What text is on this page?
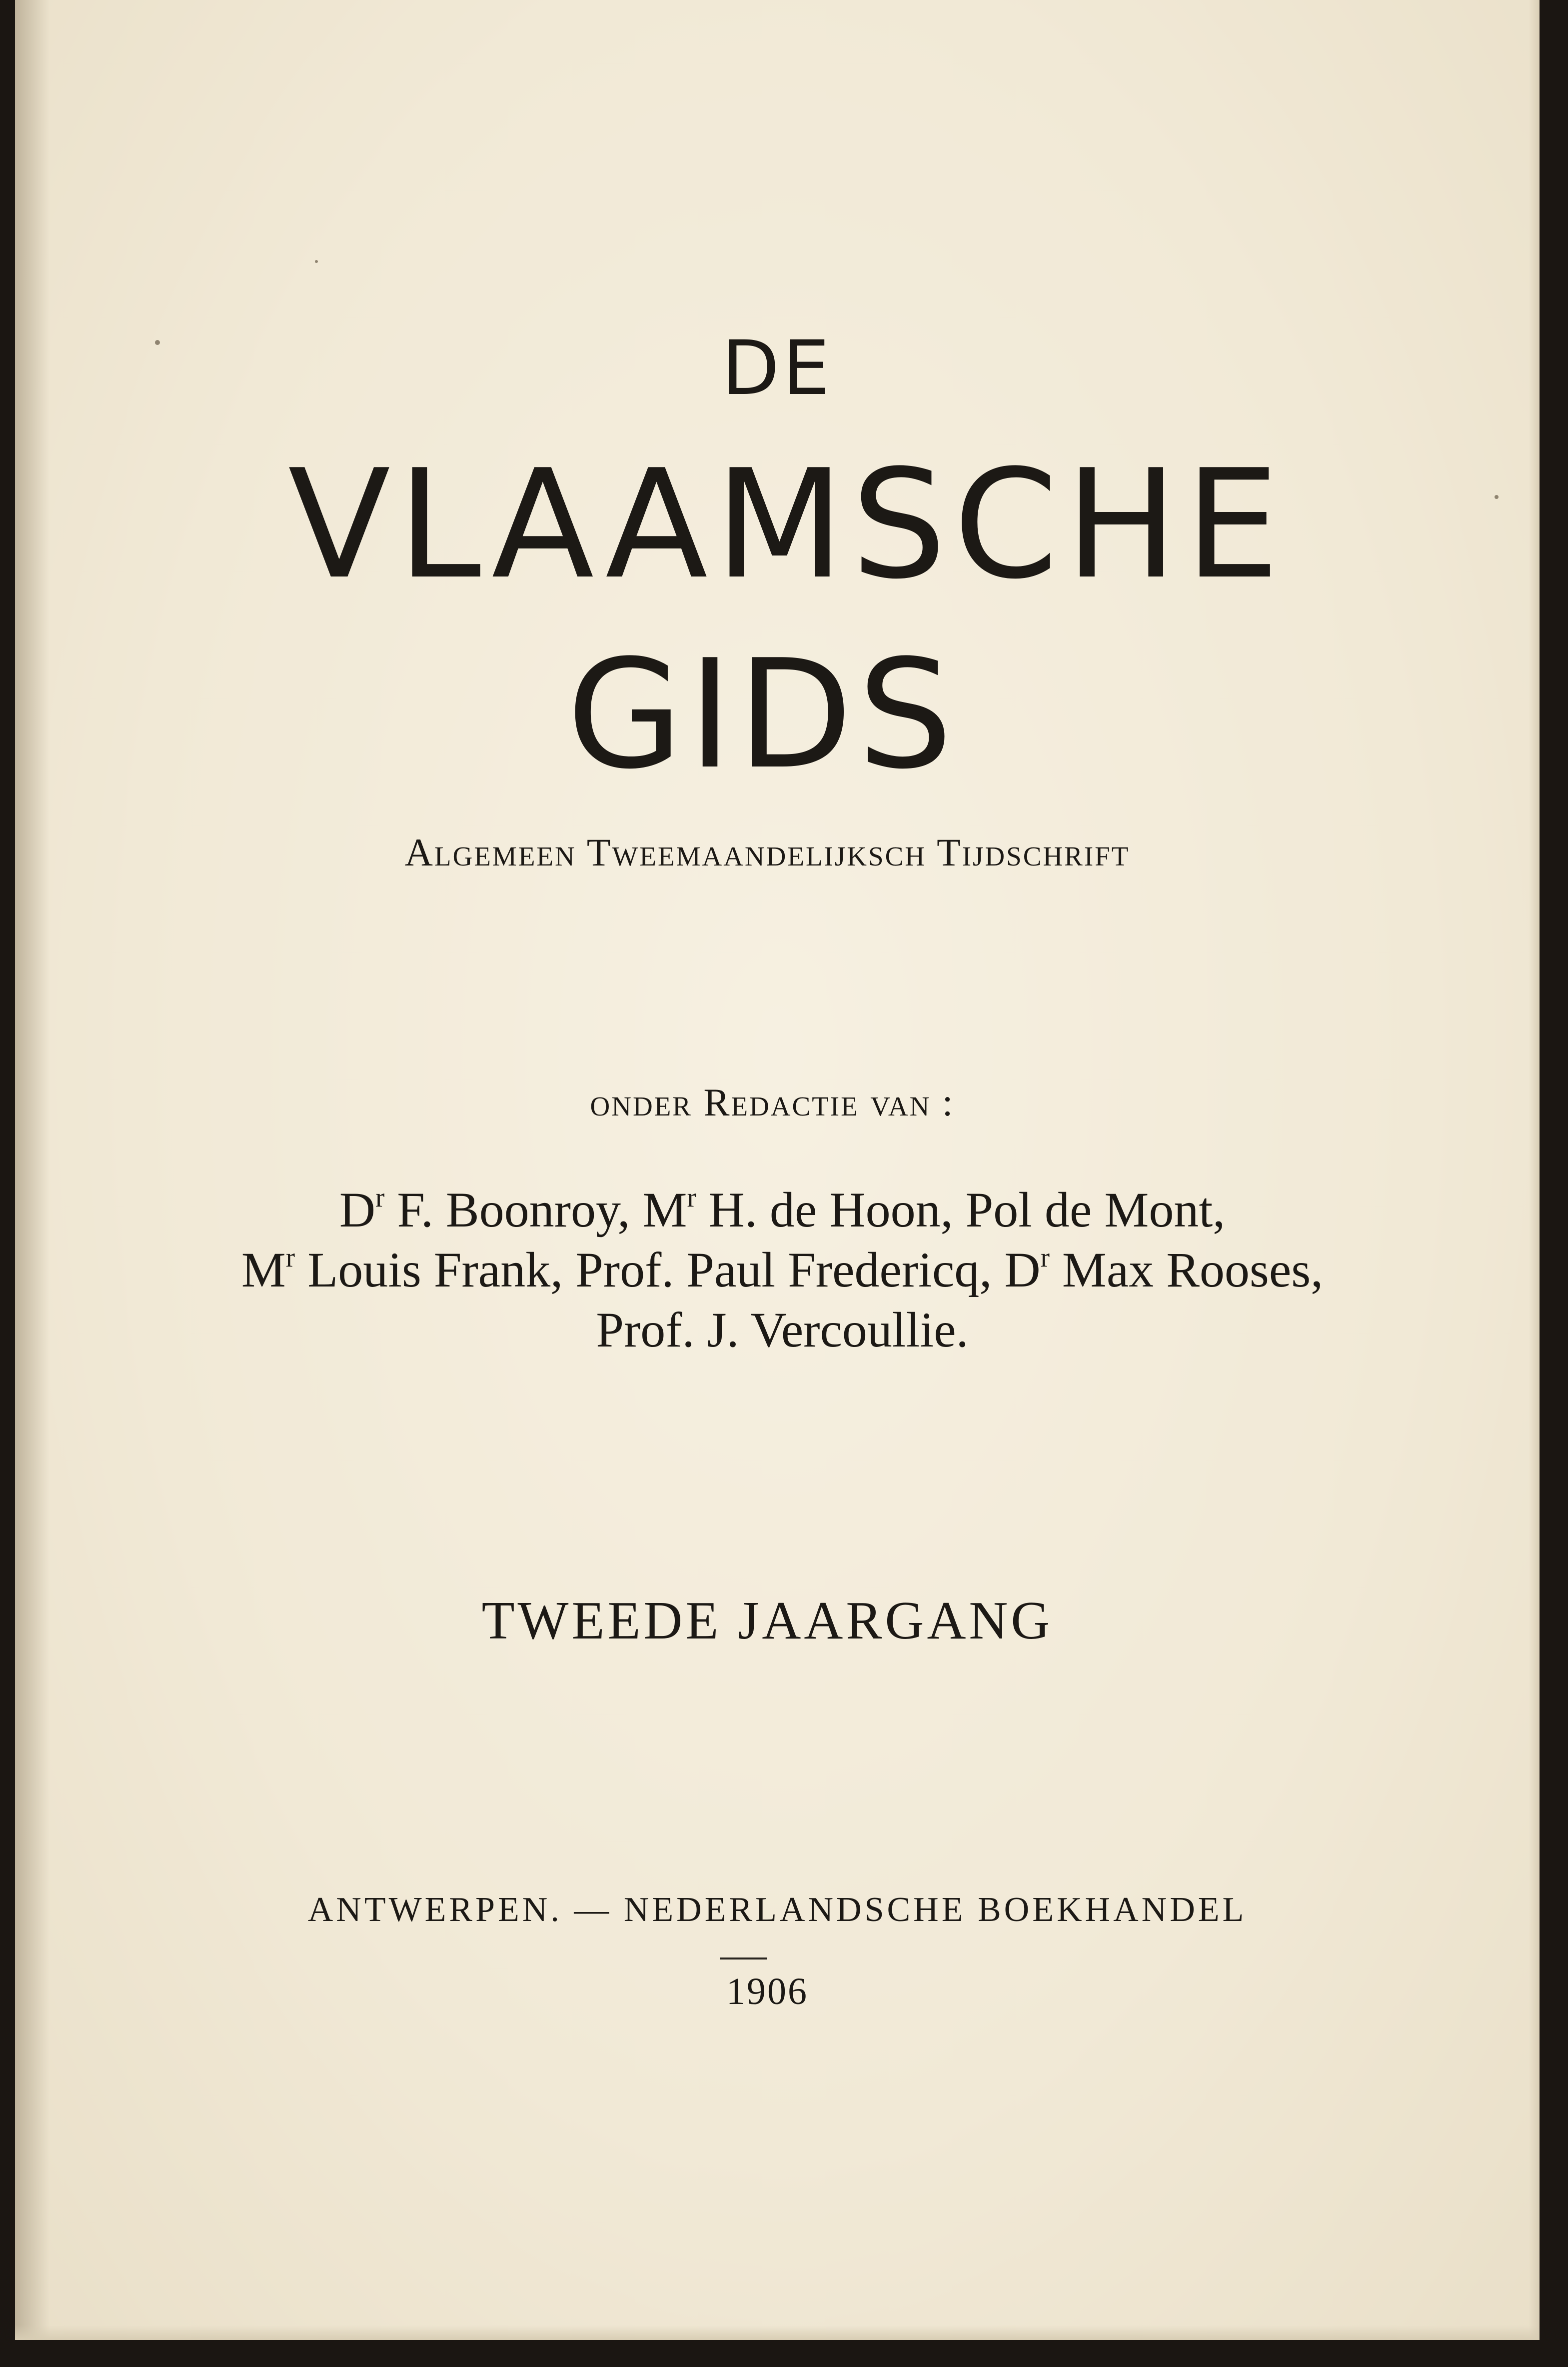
DE
VLAAMSCHE
GIDS
Algemeen Tweemaandelijksch Tijdschrift
onder Redactie van :
$D^r$ F. Boonroy, $M^r$ H. de Hoon, Pol de Mont,
$M^r$ Louis Frank, Prof. Paul Fredericq, $D^r$ Max Rooses,
Prof. J. Vercoullie.
TWEEDE JAARGANG
ANTWERPEN. — NEDERLANDSCHE BOEKHANDEL
1906
